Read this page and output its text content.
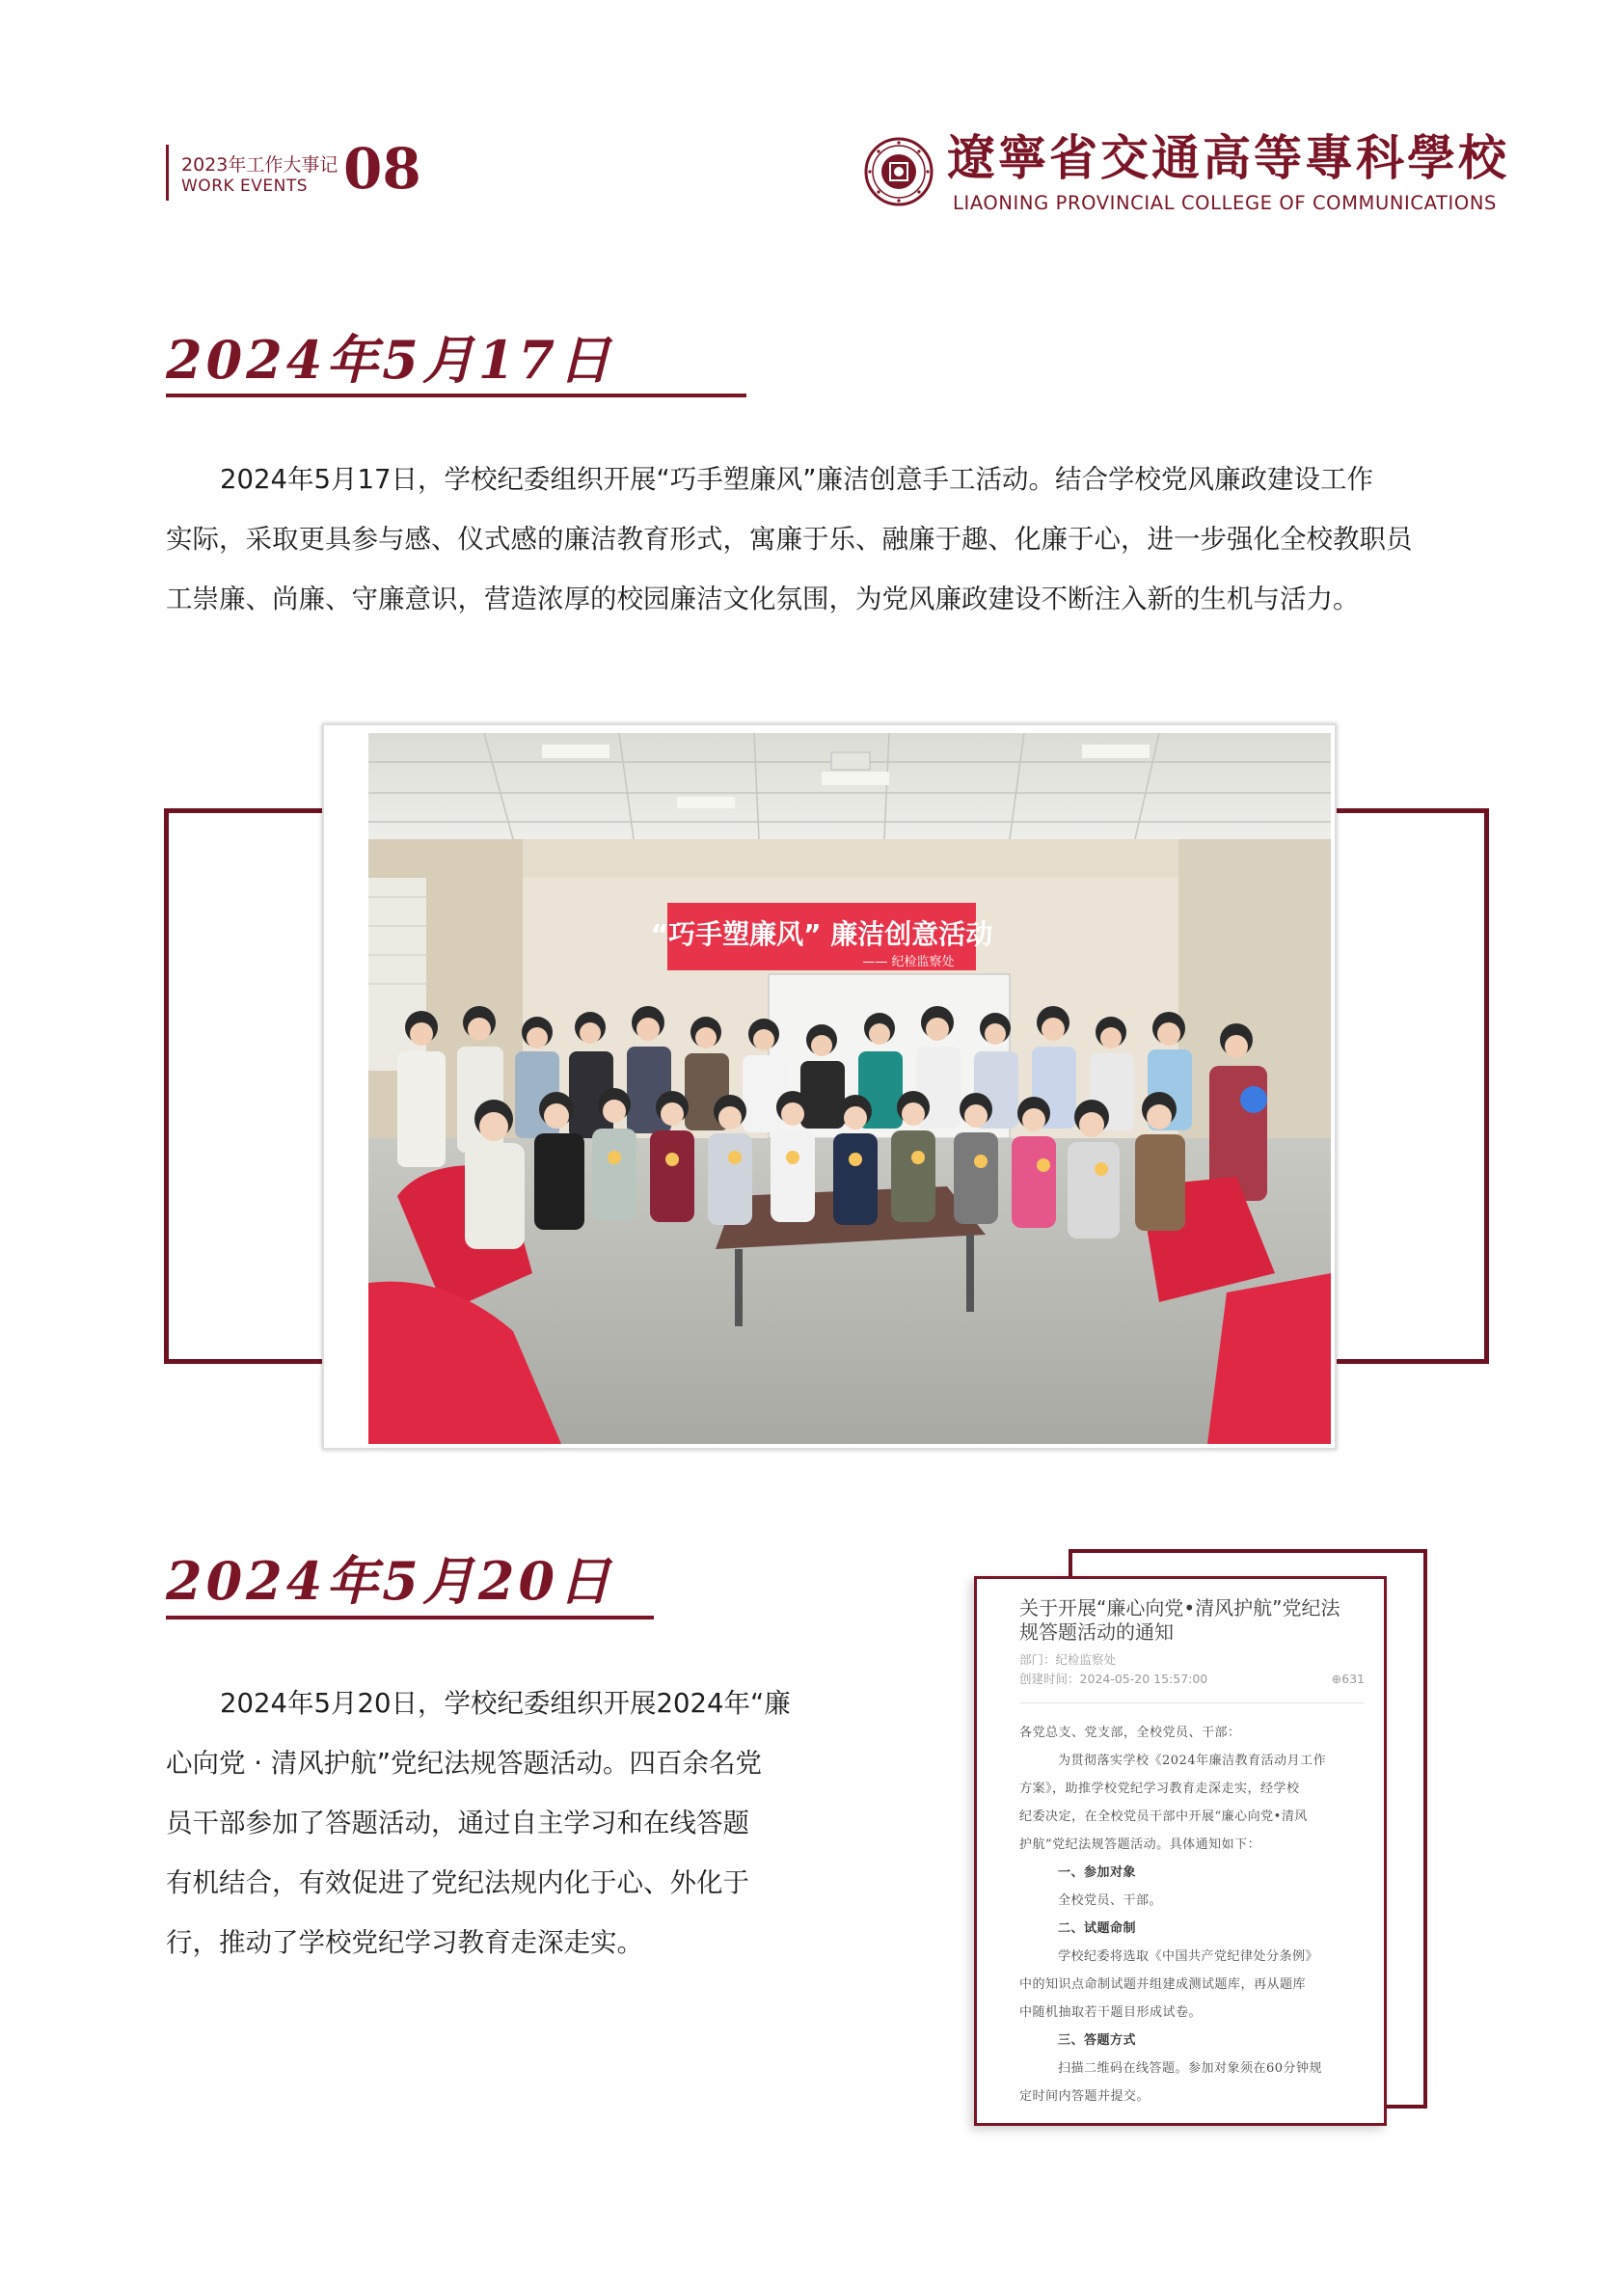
2023年工作大事记
WORK EVENTS 08	遼寧省交通高等專科學校
LIAONING PROVINCIAL COLLEGE OF COMMUNICATIONS
2024年5月17日
2024年5月17日，学校纪委组织开展“巧手塑廉风”廉洁创意手工活动。结合学校党风廉政建设工作
实际，采取更具参与感、仪式感的廉洁教育形式，寓廉于乐、融廉于趣、化廉于心，进一步强化全校教职员
工崇廉、尚廉、守廉意识，营造浓厚的校园廉洁文化氛围，为党风廉政建设不断注入新的生机与活力。
“巧手塑廉风” 廉洁创意活动
—— 纪检监察处
2024年5月20日
2024年5月20日，学校纪委组织开展2024年“廉
心向党 · 清风护航”党纪法规答题活动。四百余名党
员干部参加了答题活动，通过自主学习和在线答题
有机结合，有效促进了党纪法规内化于心、外化于
行，推动了学校党纪学习教育走深走实。
关于开展“廉心向党•清风护航”党纪法
规答题活动的通知
部门：纪检监察处
创建时间：2024-05-20 15:57:00	⊕631
各党总支、党支部，全校党员、干部：
为贯彻落实学校《2024年廉洁教育活动月工作
方案》，助推学校党纪学习教育走深走实，经学校
纪委决定，在全校党员干部中开展“廉心向党•清风
护航”党纪法规答题活动。具体通知如下：
一、参加对象
全校党员、干部。
二、试题命制
学校纪委将选取《中国共产党纪律处分条例》
中的知识点命制试题并组建成测试题库，再从题库
中随机抽取若干题目形成试卷。
三、答题方式
扫描二维码在线答题。参加对象须在60分钟规
定时间内答题并提交。
